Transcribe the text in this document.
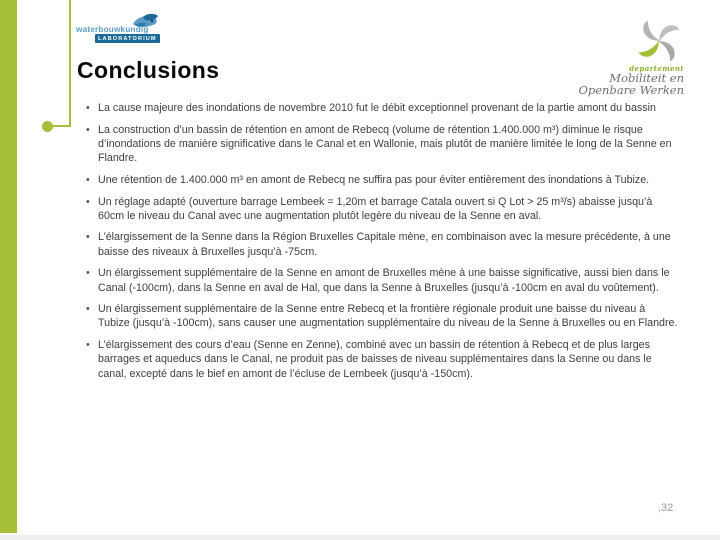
waterbouwkundig
LABORATORIUM
departement
Mobiliteit en
Openbare Werken
Conclusions
• La cause majeure des inondations de novembre 2010 fut le débit exceptionnel provenant de la partie amont du bassin
• La construction d’un bassin de rétention en amont de Rebecq (volume de rétention 1.400.000 m³) diminue le risque d’inondations de manière significative dans le Canal et en Wallonie, mais plutôt de manière limitée le long de la Senne en Flandre.
• Une rétention de 1.400.000 m³ en amont de Rebecq ne suffira pas pour éviter entièrement des inondations à Tubize.
• Un réglage adapté (ouverture barrage Lembeek = 1,20m et barrage Catala ouvert si Q Lot > 25 m³/s) abaisse jusqu’à 60cm le niveau du Canal avec une augmentation plutôt legère du niveau de la Senne en aval.
• L’élargissement de la Senne dans la Région Bruxelles Capitale mène, en combinaison avec la mesure précédente, à une baisse des niveaux à Bruxelles jusqu’à -75cm.
• Un élargissement supplémentaire de la Senne en amont de Bruxelles mène à une baisse significative, aussi bien dans le Canal (-100cm), dans la Senne en aval de Hal, que dans la Senne à Bruxelles (jusqu’à -100cm en aval du voûtement).
• Un élargissement supplémentaire de la Senne entre Rebecq et la frontière régionale produit une baisse du niveau à Tubize (jusqu’à -100cm), sans causer une augmentation supplémentaire du niveau de la Senne à Bruxelles ou en Flandre.
• L’élargissement des cours d’eau (Senne en Zenne), combiné avec un bassin de rétention à Rebecq et de plus larges barrages et aqueducs dans le Canal, ne produit pas de baisses de niveau supplémentaires dans la Senne ou dans le canal, excepté dans le bief en amont de l’écluse de Lembeek (jusqu’à -150cm).
,32
